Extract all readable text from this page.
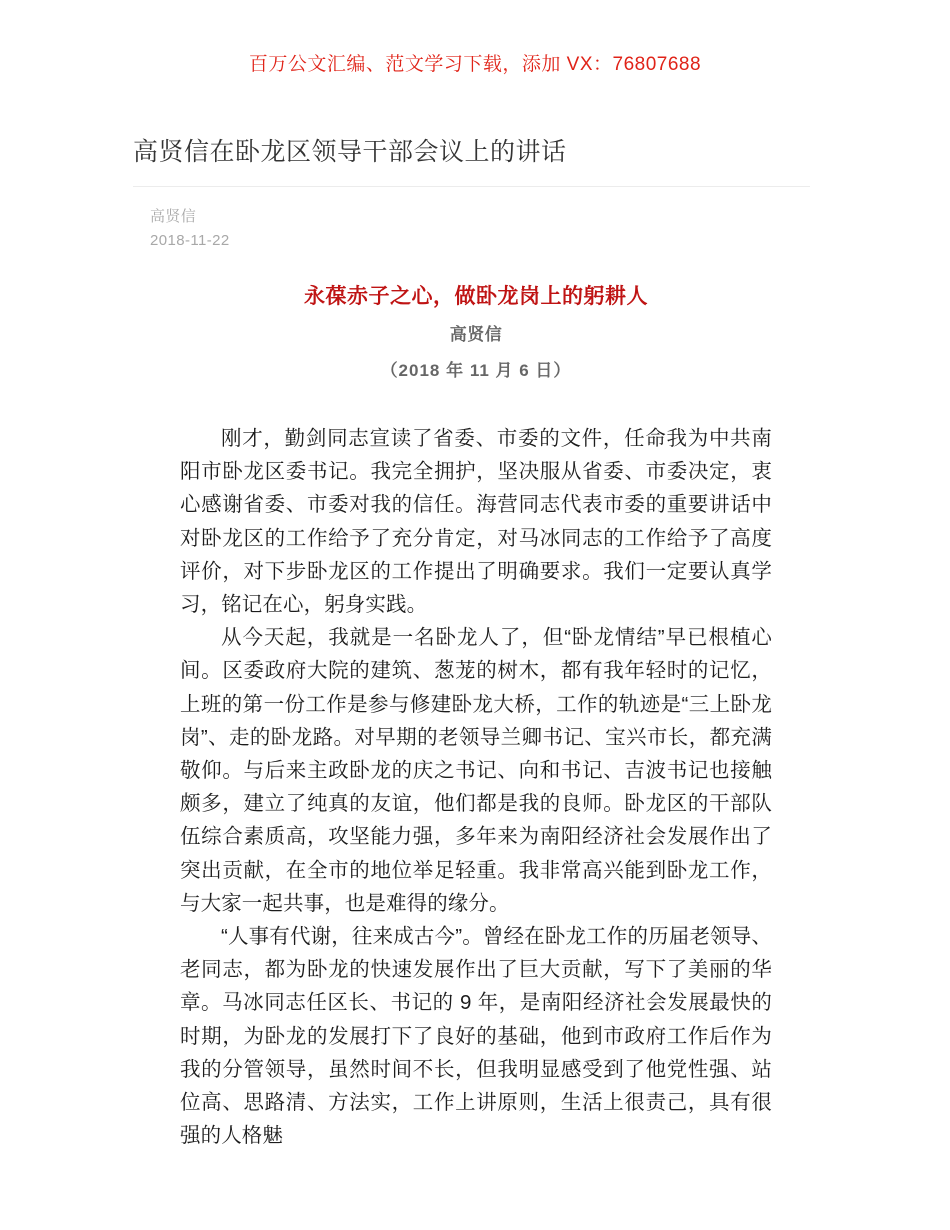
百万公文汇编、范文学习下载，添加 VX：76807688
高贤信在卧龙区领导干部会议上的讲话
高贤信
2018-11-22
永葆赤子之心，做卧龙岗上的躬耕人
高贤信
（2018 年 11 月 6 日）

刚才，勤剑同志宣读了省委、市委的文件，任命我为中共南阳市卧龙区委书记。我完全拥护，坚决服从省委、市委决定，衷心感谢省委、市委对我的信任。海营同志代表市委的重要讲话中对卧龙区的工作给予了充分肯定，对马冰同志的工作给予了高度评价，对下步卧龙区的工作提出了明确要求。我们一定要认真学习，铭记在心，躬身实践。

从今天起，我就是一名卧龙人了，但“卧龙情结”早已根植心间。区委政府大院的建筑、葱茏的树木，都有我年轻时的记忆，上班的第一份工作是参与修建卧龙大桥，工作的轨迹是“三上卧龙岗”、走的卧龙路。对早期的老领导兰卿书记、宝兴市长，都充满敬仰。与后来主政卧龙的庆之书记、向和书记、吉波书记也接触颇多，建立了纯真的友谊，他们都是我的良师。卧龙区的干部队伍综合素质高，攻坚能力强，多年来为南阳经济社会发展作出了突出贡献，在全市的地位举足轻重。我非常高兴能到卧龙工作，与大家一起共事，也是难得的缘分。

“人事有代谢，往来成古今”。曾经在卧龙工作的历届老领导、老同志，都为卧龙的快速发展作出了巨大贡献，写下了美丽的华章。马冰同志任区长、书记的 9 年，是南阳经济社会发展最快的时期，为卧龙的发展打下了良好的基础，他到市政府工作后作为我的分管领导，虽然时间不长，但我明显感受到了他党性强、站位高、思路清、方法实，工作上讲原则，生活上很责己，具有很强的人格魅
